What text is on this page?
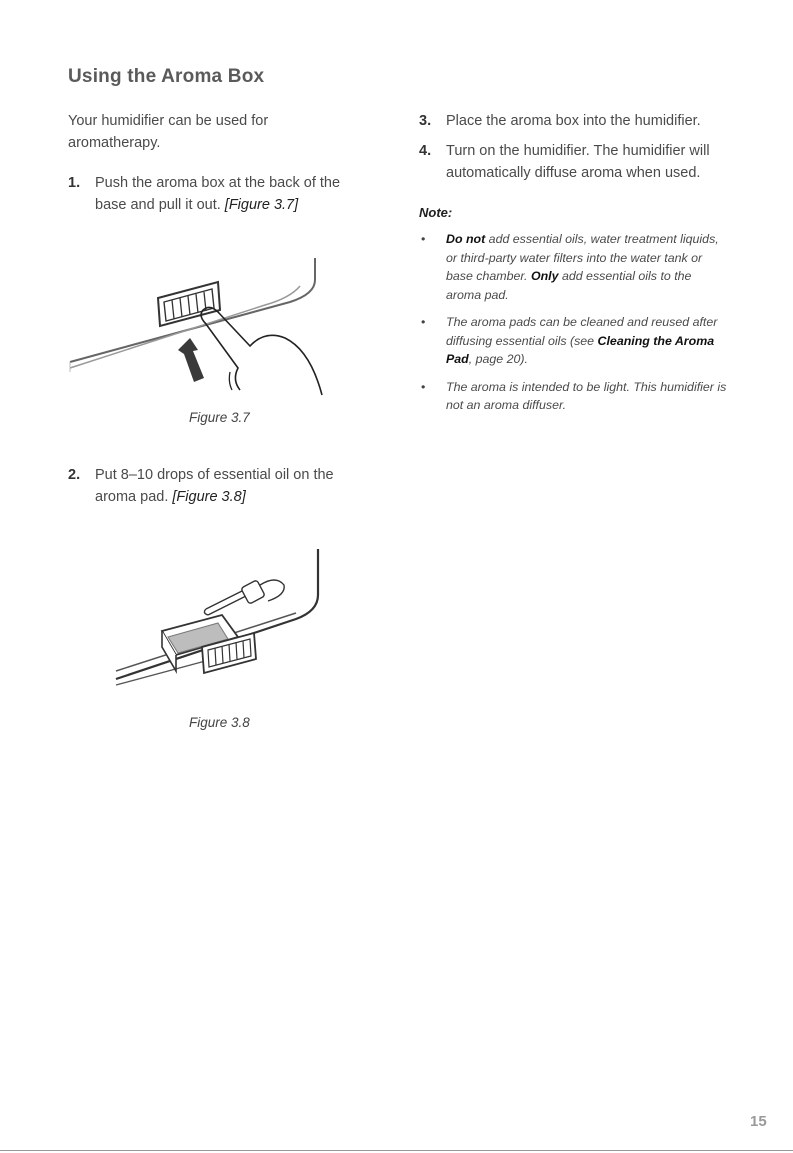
Using the Aroma Box
Your humidifier can be used for aromatherapy.
1.	Push the aroma box at the back of the base and pull it out. [Figure 3.7]
Figure 3.7
2.	Put 8–10 drops of essential oil on the aroma pad. [Figure 3.8]
Figure 3.8
3.	Place the aroma box into the humidifier.
4.	Turn on the humidifier. The humidifier will automatically diffuse aroma when used.
Note:
• Do not add essential oils, water treatment liquids, or third-party water filters into the water tank or base chamber. Only add essential oils to the aroma pad.
• The aroma pads can be cleaned and reused after diffusing essential oils (see Cleaning the Aroma Pad, page 20).
• The aroma is intended to be light. This humidifier is not an aroma diffuser.
15
